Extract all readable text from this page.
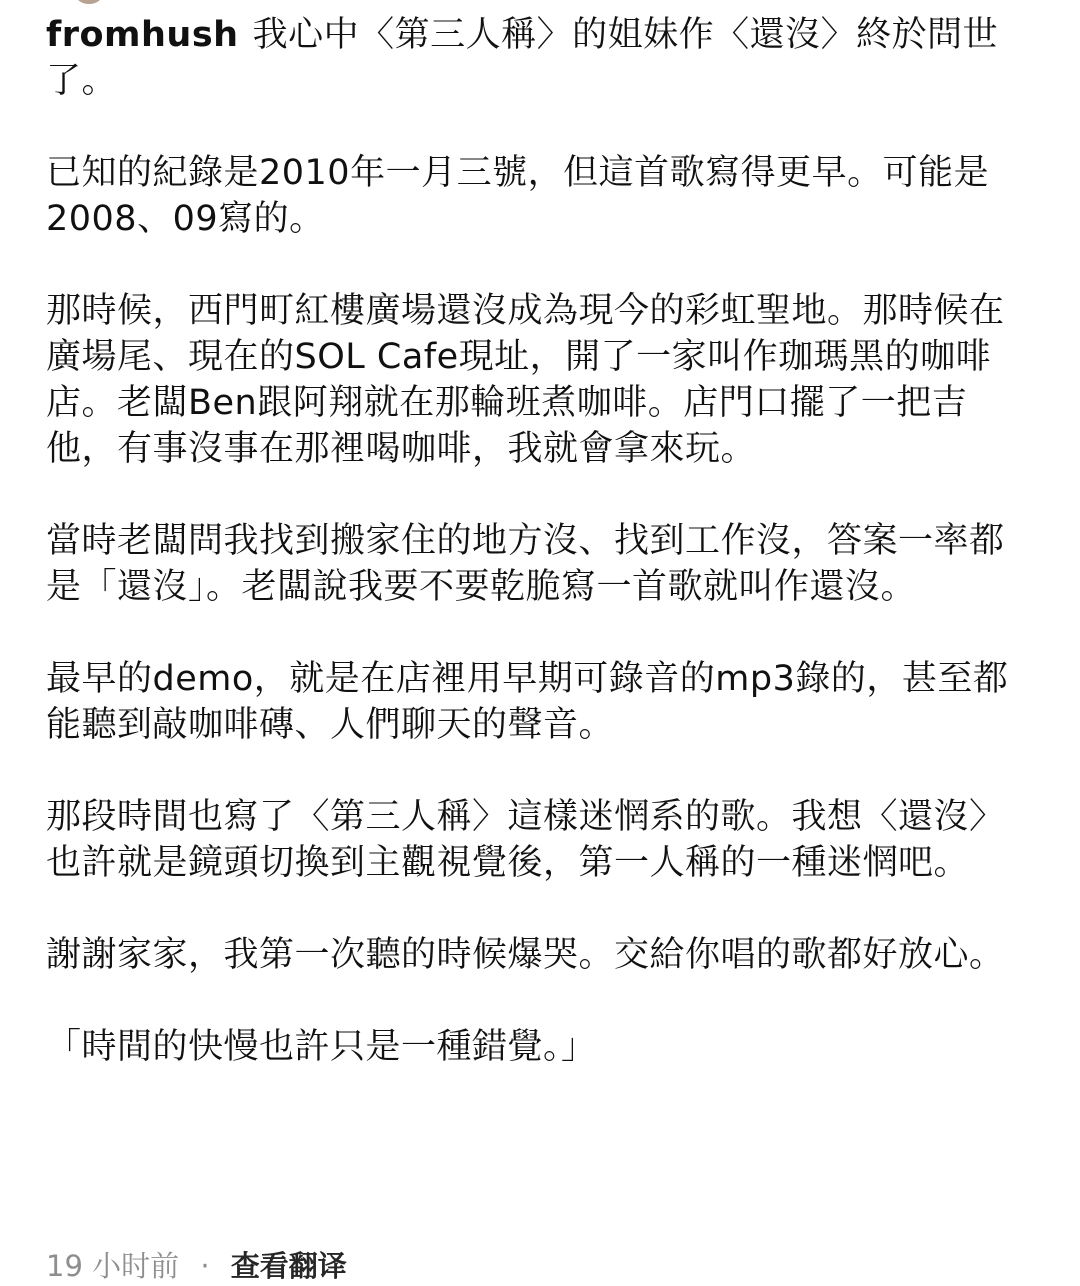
fromhush 我心中〈第三人稱〉的姐妹作〈還沒〉終於問世了。

已知的紀錄是2010年一月三號，但這首歌寫得更早。可能是2008、09寫的。

那時候，西門町紅樓廣場還沒成為現今的彩虹聖地。那時候在廣場尾、現在的SOL Cafe現址，開了一家叫作珈瑪黑的咖啡店。老闆Ben跟阿翔就在那輪班煮咖啡。店門口擺了一把吉他，有事沒事在那裡喝咖啡，我就會拿來玩。

當時老闆問我找到搬家住的地方沒、找到工作沒，答案一率都是「還沒」。老闆說我要不要乾脆寫一首歌就叫作還沒。

最早的demo，就是在店裡用早期可錄音的mp3錄的，甚至都能聽到敲咖啡磚、人們聊天的聲音。

那段時間也寫了〈第三人稱〉這樣迷惘系的歌。我想〈還沒〉也許就是鏡頭切換到主觀視覺後，第一人稱的一種迷惘吧。

謝謝家家，我第一次聽的時候爆哭。交給你唱的歌都好放心。

「時間的快慢也許只是一種錯覺。」

19 小时前 · 查看翻译
